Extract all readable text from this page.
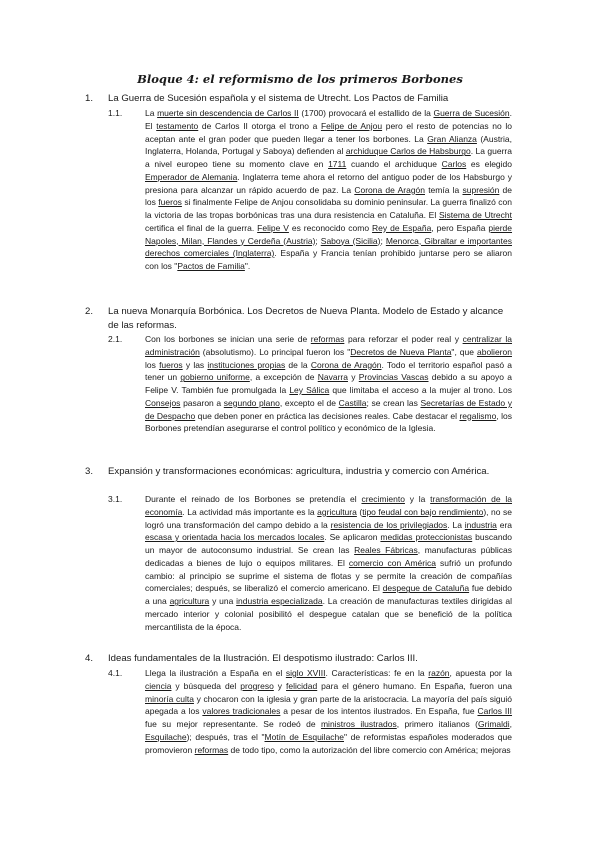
Bloque 4: el reformismo de los primeros Borbones
1.	La Guerra de Sucesión española y el sistema de Utrecht. Los Pactos de Familia
1.1.	La muerte sin descendencia de Carlos II (1700) provocará el estallido de la Guerra de Sucesión. El testamento de Carlos II otorga el trono a Felipe de Anjou pero el resto de potencias no lo aceptan ante el gran poder que pueden llegar a tener los borbones. La Gran Alianza (Austria, Inglaterra, Holanda, Portugal y Saboya) defienden al archiduque Carlos de Habsburgo. La guerra a nivel europeo tiene su momento clave en 1711 cuando el archiduque Carlos es elegido Emperador de Alemania. Inglaterra teme ahora el retorno del antiguo poder de los Habsburgo y presiona para alcanzar un rápido acuerdo de paz. La Corona de Aragón temía la supresión de los fueros si finalmente Felipe de Anjou consolidaba su dominio peninsular. La guerra finalizó con la victoria de las tropas borbónicas tras una dura resistencia en Cataluña. El Sistema de Utrecht certifica el final de la guerra. Felipe V es reconocido como Rey de España, pero España pierde Napoles, Milan, Flandes y Cerdeña (Austria); Saboya (Sicilia); Menorca, Gibraltar e importantes derechos comerciales (Inglaterra). España y Francia tenían prohibido juntarse pero se aliaron con los "Pactos de Familia".
2.	La nueva Monarquía Borbónica. Los Decretos de Nueva Planta. Modelo de Estado y alcance de las reformas.
2.1.	Con los borbones se inician una serie de reformas para reforzar el poder real y centralizar la administración (absolutismo). Lo principal fueron los "Decretos de Nueva Planta", que abolieron los fueros y las instituciones propias de la Corona de Aragón. Todo el territorio español pasó a tener un gobierno uniforme, a excepción de Navarra y Provincias Vascas debido a su apoyo a Felipe V. También fue promulgada la Ley Sálica que limitaba el acceso a la mujer al trono. Los Consejos pasaron a segundo plano, excepto el de Castilla; se crean las Secretarías de Estado y de Despacho que deben poner en práctica las decisiones reales. Cabe destacar el regalismo, los Borbones pretendían asegurarse el control político y económico de la Iglesia.
3.	Expansión y transformaciones económicas: agricultura, industria y comercio con América.
3.1.	Durante el reinado de los Borbones se pretendía el crecimiento y la transformación de la economía. La actividad más importante es la agricultura (tipo feudal con bajo rendimiento), no se logró una transformación del campo debido a la resistencia de los privilegiados. La industria era escasa y orientada hacia los mercados locales. Se aplicaron medidas proteccionistas buscando un mayor de autoconsumo industrial. Se crean las Reales Fábricas, manufacturas públicas dedicadas a bienes de lujo o equipos militares. El comercio con América sufrió un profundo cambio: al principio se suprime el sistema de flotas y se permite la creación de compañías comerciales; después, se liberalizó el comercio americano. El despegue de Cataluña fue debido a una agricultura y una industria especializada. La creación de manufacturas textiles dirigidas al mercado interior y colonial posibilitó el despegue catalan que se benefició de la política mercantilista de la época.
4.	Ideas fundamentales de la Ilustración. El despotismo ilustrado: Carlos III.
4.1.	Llega la ilustración a España en el siglo XVIII. Características: fe en la razón, apuesta por la ciencia y búsqueda del progreso y felicidad para el género humano. En España, fueron una minoría culta y chocaron con la iglesia y gran parte de la aristocracia. La mayoría del país siguió apegada a los valores tradicionales a pesar de los intentos ilustrados. En España, fue Carlos III fue su mejor representante. Se rodeó de ministros ilustrados, primero italianos (Grimaldi, Esquilache); después, tras el "Motín de Esquilache" de reformistas españoles moderados que promovieron reformas de todo tipo, como la autorización del libre comercio con América; mejoras
